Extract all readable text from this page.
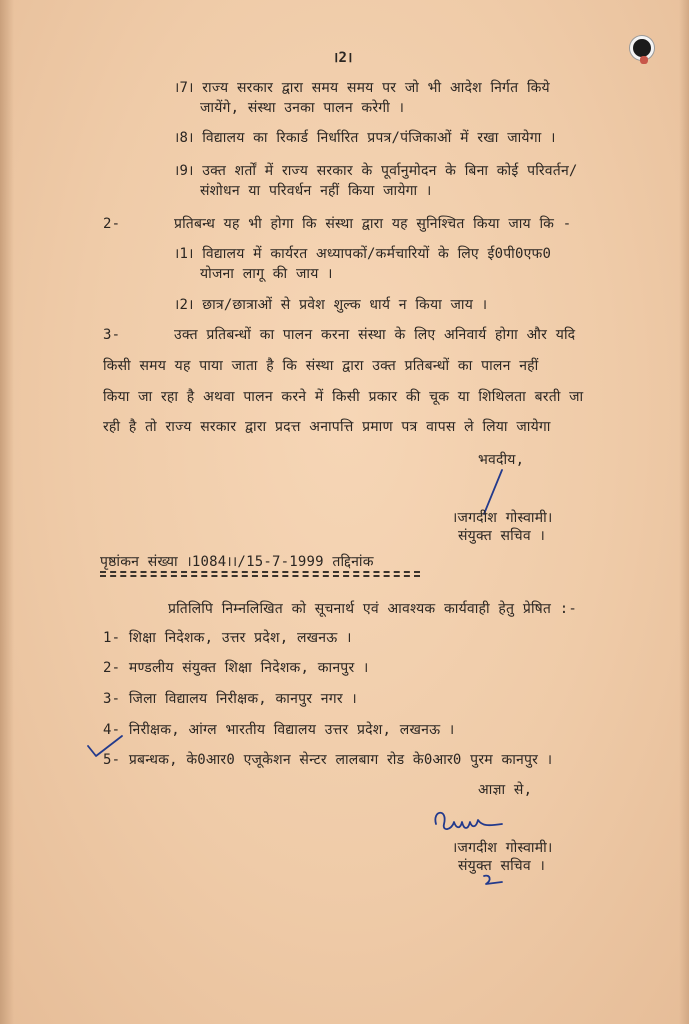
।2।
।7। राज्य सरकार द्वारा समय समय पर जो भी आदेश निर्गत किये
जायेंगे, संस्था उनका पालन करेगी ।
।8। विद्यालय का रिकार्ड निर्धारित प्रपत्र/पंजिकाओं में रखा जायेगा ।
।9। उक्त शर्तों में राज्य सरकार के पूर्वानुमोदन के बिना कोई परिवर्तन/
संशोधन या परिवर्धन नहीं किया जायेगा ।
2-	प्रतिबन्ध यह भी होगा कि संस्था द्वारा यह सुनिश्चित किया जाय कि -
।1। विद्यालय में कार्यरत अध्यापकों/कर्मचारियों के लिए ई0पी0एफ0
योजना लागू की जाय ।
।2। छात्र/छात्राओं से प्रवेश शुल्क धार्य न किया जाय ।
3-	उक्त प्रतिबन्धों का पालन करना संस्था के लिए अनिवार्य होगा और यदि
किसी समय यह पाया जाता है कि संस्था द्वारा उक्त प्रतिबन्धों का पालन नहीं
किया जा रहा है अथवा पालन करने में किसी प्रकार की चूक या शिथिलता बरती जा
रही है तो राज्य सरकार द्वारा प्रदत्त अनापत्ति प्रमाण पत्र वापस ले लिया जायेगा
भवदीय,
।जगदीश गोस्वामी।
संयुक्त सचिव ।
पृष्ठांकन संख्या ।1084।।/15-7-1999 तद्दिनांक
प्रतिलिपि निम्नलिखित को सूचनार्थ एवं आवश्यक कार्यवाही हेतु प्रेषित :-
1- शिक्षा निदेशक, उत्तर प्रदेश, लखनऊ ।
2- मण्डलीय संयुक्त शिक्षा निदेशक, कानपुर ।
3- जिला विद्यालय निरीक्षक, कानपुर नगर ।
4- निरीक्षक, आंग्ल भारतीय विद्यालय उत्तर प्रदेश, लखनऊ ।
5- प्रबन्धक, के0आर0 एजूकेशन सेन्टर लालबाग रोड के0आर0 पुरम कानपुर ।
आज्ञा से,
।जगदीश गोस्वामी।
संयुक्त सचिव ।
